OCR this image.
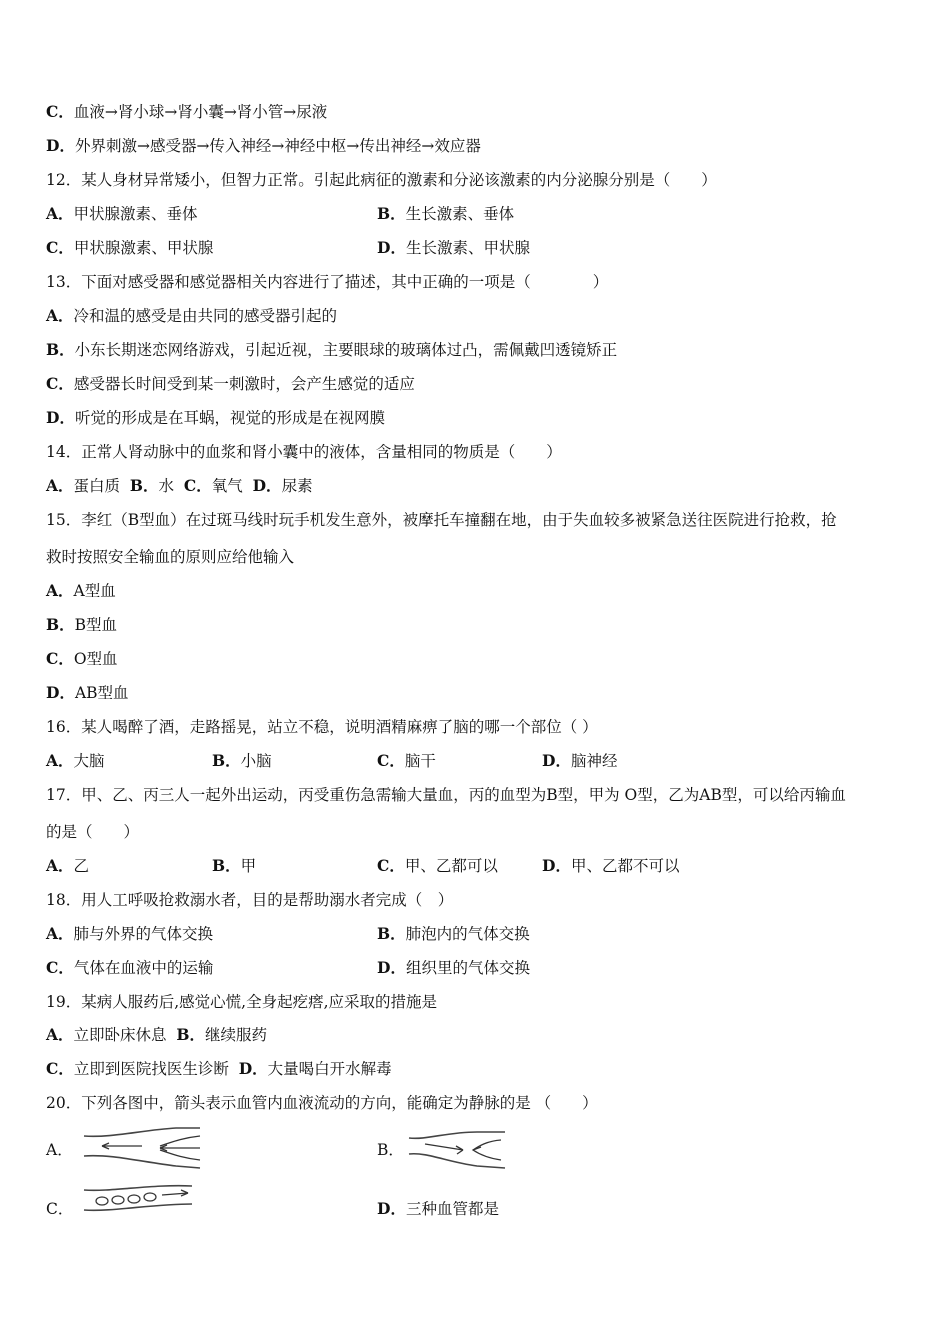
C．血液→肾小球→肾小囊→肾小管→尿液
D．外界刺激→感受器→传入神经→神经中枢→传出神经→效应器
12．某人身材异常矮小，但智力正常。引起此病征的激素和分泌该激素的内分泌腺分别是（　　）
A．甲状腺激素、垂体	B．生长激素、垂体
C．甲状腺激素、甲状腺	D．生长激素、甲状腺
13．下面对感受器和感觉器相关内容进行了描述，其中正确的一项是（　　　　）
A．冷和温的感受是由共同的感受器引起的
B．小东长期迷恋网络游戏，引起近视，主要眼球的玻璃体过凸，需佩戴凹透镜矫正
C．感受器长时间受到某一刺激时，会产生感觉的适应
D．听觉的形成是在耳蜗，视觉的形成是在视网膜
14．正常人肾动脉中的血浆和肾小囊中的液体，含量相同的物质是（　　）
A．蛋白质 B．水 C．氧气 D．尿素
15．李红（B型血）在过斑马线时玩手机发生意外，被摩托车撞翻在地，由于失血较多被紧急送往医院进行抢救，抢
救时按照安全输血的原则应给他输入
A．A型血
B．B型血
C．O型血
D．AB型血
16．某人喝醉了酒，走路摇晃，站立不稳，说明酒精麻痹了脑的哪一个部位（ ）
A．大脑	B．小脑	C．脑干	D．脑神经
17．甲、乙、丙三人一起外出运动，丙受重伤急需输大量血，丙的血型为B型，甲为 O型，乙为AB型，可以给丙输血
的是（　　）
A．乙	B．甲	C．甲、乙都可以	D．甲、乙都不可以
18．用人工呼吸抢救溺水者，目的是帮助溺水者完成（　）
A．肺与外界的气体交换	B．肺泡内的气体交换
C．气体在血液中的运输	D．组织里的气体交换
19．某病人服药后,感觉心慌,全身起疙瘩,应采取的措施是
A．立即卧床休息 B．继续服药
C．立即到医院找医生诊断 D．大量喝白开水解毒
20．下列各图中，箭头表示血管内血液流动的方向，能确定为静脉的是 （　　）
A．	B．
C．	D．三种血管都是
